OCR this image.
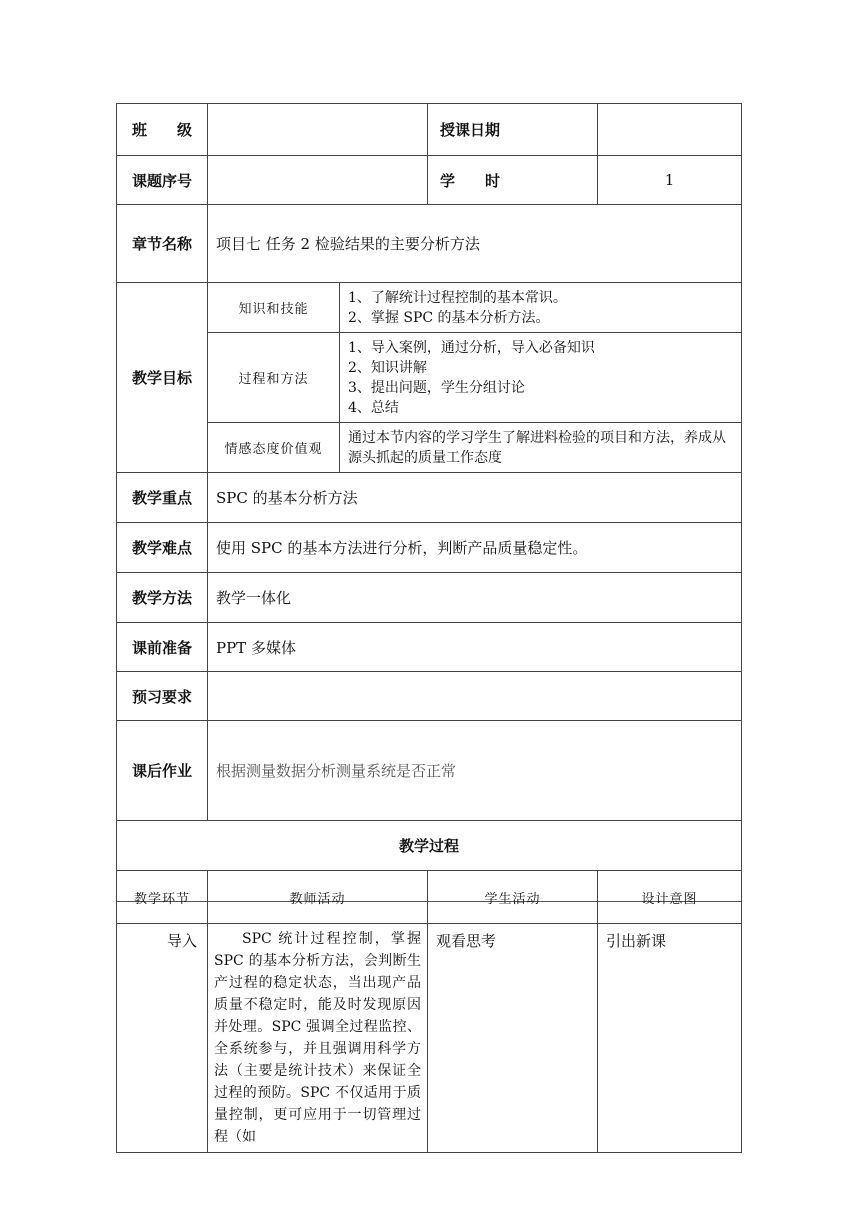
班　　级			授课日期	
课题序号			学　　时	1
章节名称	项目七 任务 2 检验结果的主要分析方法			
教学目标	知识和技能	1、了解统计过程控制的基本常识。
2、掌握 SPC 的基本分析方法。		

	过程和方法	1、导入案例，通过分析，导入必备知识
2、知识讲解
3、提出问题，学生分组讨论
4、总结		

	情感态度价值观	通过本节内容的学习学生了解进料检验的项目和方法，养成从源头抓起的质量工作态度		
教学重点	SPC 的基本分析方法			
教学难点	使用 SPC 的基本方法进行分析，判断产品质量稳定性。			
教学方法	教学一体化			
课前准备	PPT 多媒体			
预习要求				
课后作业	根据测量数据分析测量系统是否正常			
教学过程				
教学环节	教师活动		学生活动	设计意图
导入	SPC 统计过程控制，掌握 SPC 的基本分析方法，会判断生产过程的稳定状态，当出现产品质量不稳定时，能及时发现原因并处理。SPC 强调全过程监控、全系统参与，并且强调用科学方法（主要是统计技术）来保证全过程的预防。SPC 不仅适用于质量控制，更可应用于一切管理过程（如		观看思考	引出新课
